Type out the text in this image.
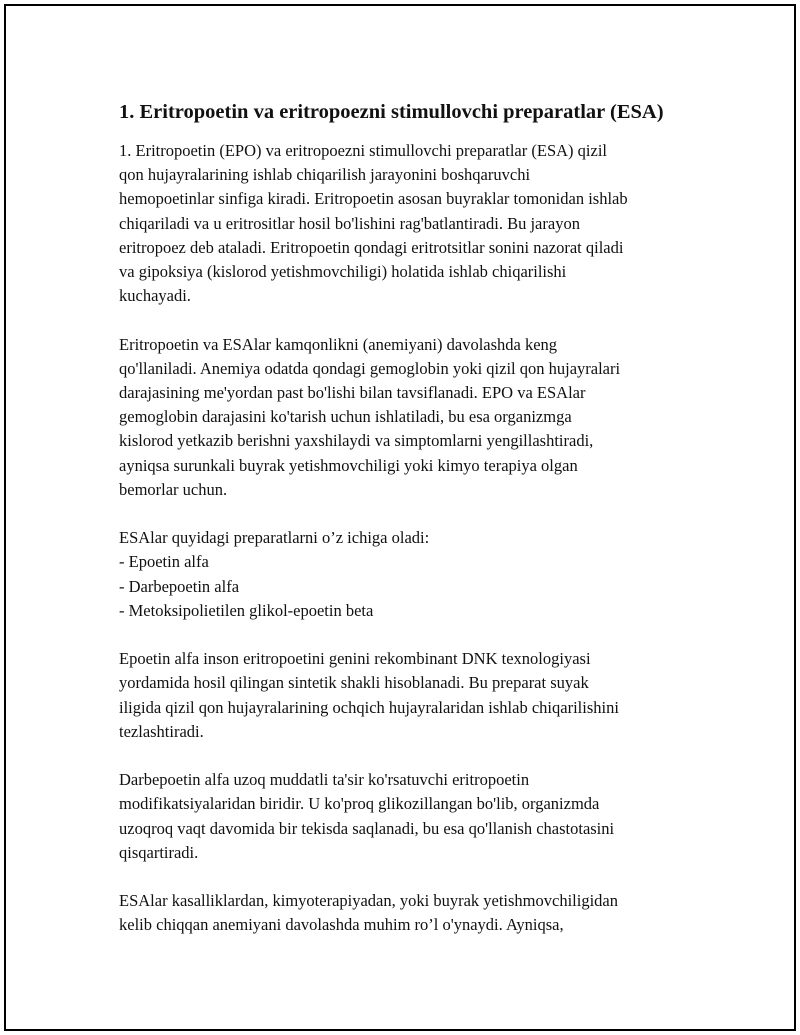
1. Eritropoetin va eritropoezni stimullovchi preparatlar (ESA)
1. Eritropoetin (EPO) va eritropoezni stimullovchi preparatlar (ESA) qizil
qon hujayralarining ishlab chiqarilish jarayonini boshqaruvchi
hemopoetinlar sinfiga kiradi. Eritropoetin asosan buyraklar tomonidan ishlab
chiqariladi va u eritrositlar hosil bo'lishini rag'batlantiradi. Bu jarayon
eritropoez deb ataladi. Eritropoetin qondagi eritrotsitlar sonini nazorat qiladi
va gipoksiya (kislorod yetishmovchiligi) holatida ishlab chiqarilishi
kuchayadi.
Eritropoetin va ESAlar kamqonlikni (anemiyani) davolashda keng
qo'llaniladi. Anemiya odatda qondagi gemoglobin yoki qizil qon hujayralari
darajasining me'yordan past bo'lishi bilan tavsiflanadi. EPO va ESAlar
gemoglobin darajasini ko'tarish uchun ishlatiladi, bu esa organizmga
kislorod yetkazib berishni yaxshilaydi va simptomlarni yengillashtiradi,
ayniqsa surunkali buyrak yetishmovchiligi yoki kimyo terapiya olgan
bemorlar uchun.
ESAlar quyidagi preparatlarni o’z ichiga oladi:
- Epoetin alfa
- Darbepoetin alfa
- Metoksipolietilen glikol-epoetin beta
Epoetin alfa inson eritropoetini genini rekombinant DNK texnologiyasi
yordamida hosil qilingan sintetik shakli hisoblanadi. Bu preparat suyak
iligida qizil qon hujayralarining ochqich hujayralaridan ishlab chiqarilishini
tezlashtiradi.
Darbepoetin alfa uzoq muddatli ta'sir ko'rsatuvchi eritropoetin
modifikatsiyalaridan biridir. U ko'proq glikozillangan bo'lib, organizmda
uzoqroq vaqt davomida bir tekisda saqlanadi, bu esa qo'llanish chastotasini
qisqartiradi.
ESAlar kasalliklardan, kimyoterapiyadan, yoki buyrak yetishmovchiligidan
kelib chiqqan anemiyani davolashda muhim ro’l o'ynaydi. Ayniqsa,
